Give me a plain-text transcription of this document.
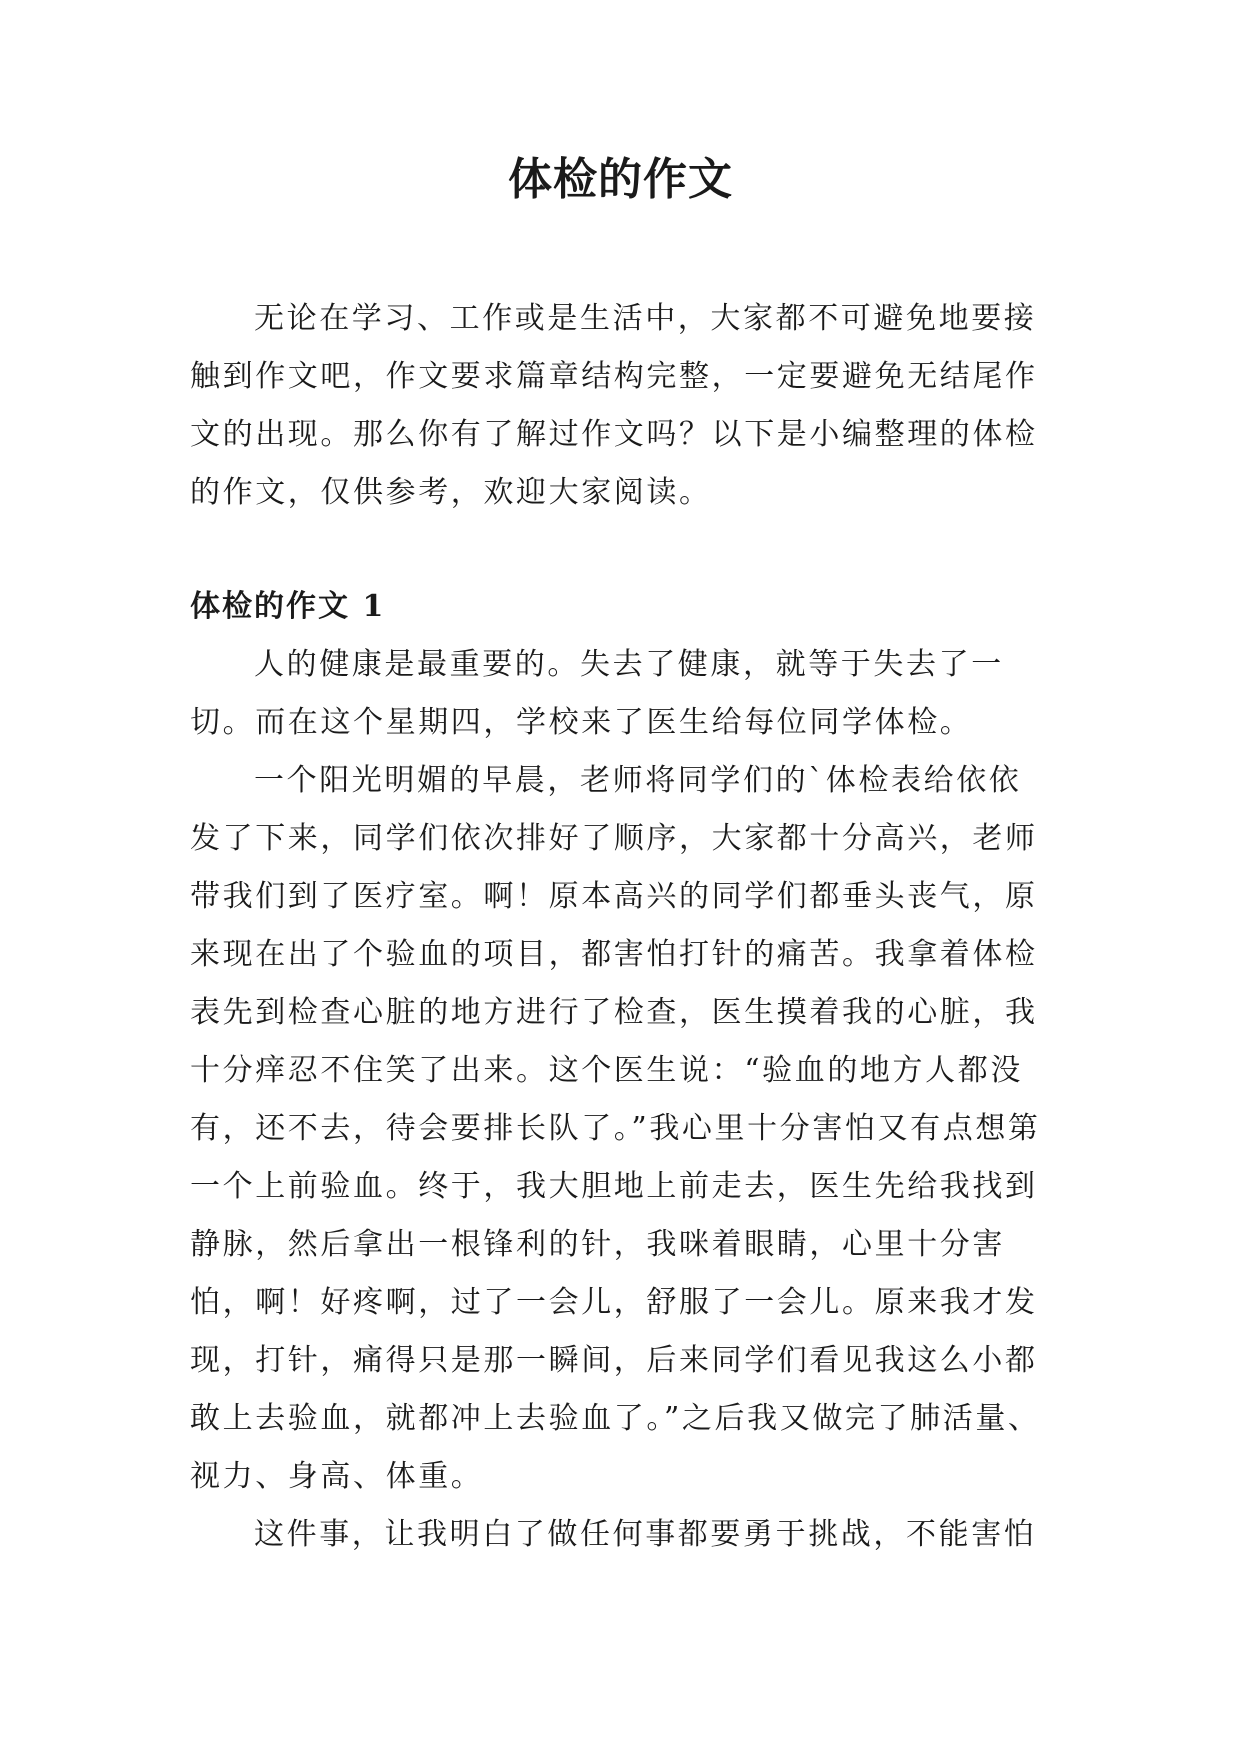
体检的作文

无论在学习、工作或是生活中，大家都不可避免地要接触到作文吧，作文要求篇章结构完整，一定要避免无结尾作文的出现。那么你有了解过作文吗？以下是小编整理的体检的作文，仅供参考，欢迎大家阅读。

体检的作文 1

人的健康是最重要的。失去了健康，就等于失去了一切。而在这个星期四，学校来了医生给每位同学体检。

一个阳光明媚的早晨，老师将同学们的`体检表给依依发了下来，同学们依次排好了顺序，大家都十分高兴，老师带我们到了医疗室。啊！原本高兴的同学们都垂头丧气，原来现在出了个验血的项目，都害怕打针的痛苦。我拿着体检表先到检查心脏的地方进行了检查，医生摸着我的心脏，我十分痒忍不住笑了出来。这个医生说：“验血的地方人都没有，还不去，待会要排长队了。”我心里十分害怕又有点想第一个上前验血。终于，我大胆地上前走去，医生先给我找到静脉，然后拿出一根锋利的针，我咪着眼睛，心里十分害怕，啊！好疼啊，过了一会儿，舒服了一会儿。原来我才发现，打针，痛得只是那一瞬间，后来同学们看见我这么小都敢上去验血，就都冲上去验血了。”之后我又做完了肺活量、视力、身高、体重。

这件事，让我明白了做任何事都要勇于挑战，不能害怕
